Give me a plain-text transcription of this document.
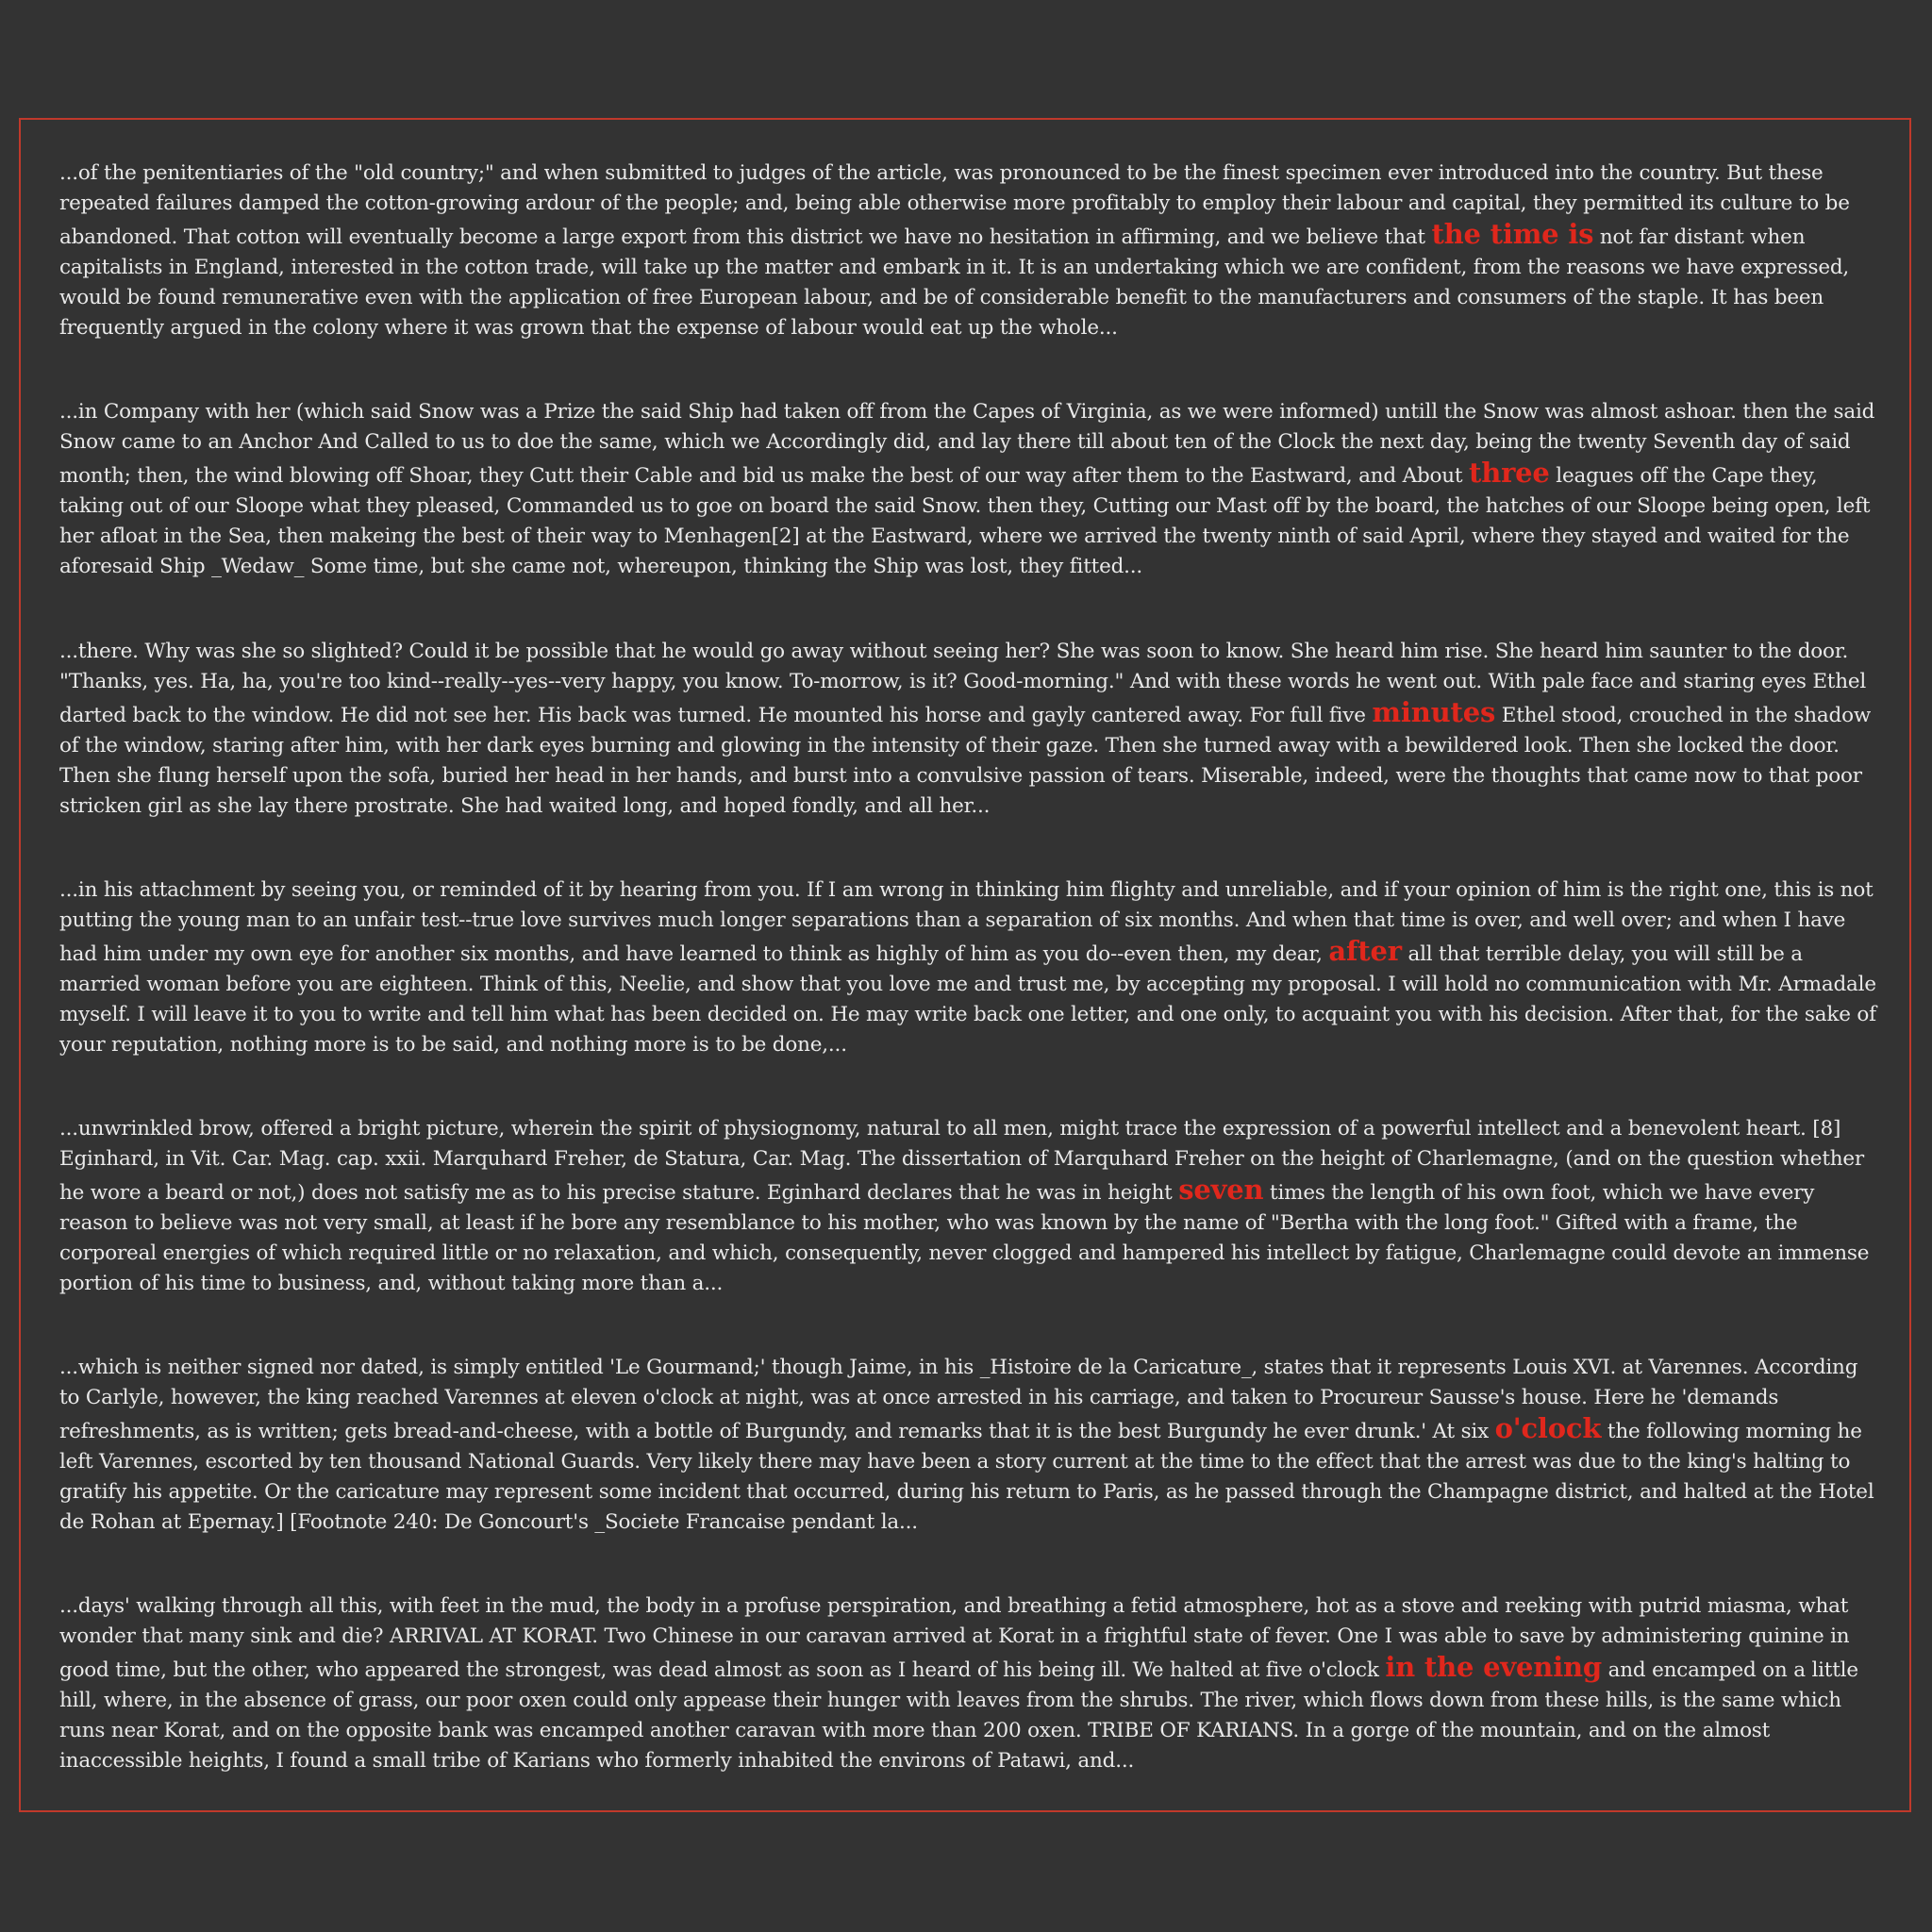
...of the penitentiaries of the "old country;" and when submitted to judges of the article, was pronounced to be the finest specimen ever introduced into the country. But these repeated failures damped the cotton-growing ardour of the people; and, being able otherwise more profitably to employ their labour and capital, they permitted its culture to be abandoned. That cotton will eventually become a large export from this district we have no hesitation in affirming, and we believe that the time is not far distant when capitalists in England, interested in the cotton trade, will take up the matter and embark in it. It is an undertaking which we are confident, from the reasons we have expressed, would be found remunerative even with the application of free European labour, and be of considerable benefit to the manufacturers and consumers of the staple. It has been frequently argued in the colony where it was grown that the expense of labour would eat up the whole...

...in Company with her (which said Snow was a Prize the said Ship had taken off from the Capes of Virginia, as we were informed) untill the Snow was almost ashoar. then the said Snow came to an Anchor And Called to us to doe the same, which we Accordingly did, and lay there till about ten of the Clock the next day, being the twenty Seventh day of said month; then, the wind blowing off Shoar, they Cutt their Cable and bid us make the best of our way after them to the Eastward, and About three leagues off the Cape they, taking out of our Sloope what they pleased, Commanded us to goe on board the said Snow. then they, Cutting our Mast off by the board, the hatches of our Sloope being open, left her afloat in the Sea, then makeing the best of their way to Menhagen[2] at the Eastward, where we arrived the twenty ninth of said April, where they stayed and waited for the aforesaid Ship _Wedaw_ Some time, but she came not, whereupon, thinking the Ship was lost, they fitted...

...there. Why was she so slighted? Could it be possible that he would go away without seeing her? She was soon to know. She heard him rise. She heard him saunter to the door. "Thanks, yes. Ha, ha, you're too kind--really--yes--very happy, you know. To-morrow, is it? Good-morning." And with these words he went out. With pale face and staring eyes Ethel darted back to the window. He did not see her. His back was turned. He mounted his horse and gayly cantered away. For full five minutes Ethel stood, crouched in the shadow of the window, staring after him, with her dark eyes burning and glowing in the intensity of their gaze. Then she turned away with a bewildered look. Then she locked the door. Then she flung herself upon the sofa, buried her head in her hands, and burst into a convulsive passion of tears. Miserable, indeed, were the thoughts that came now to that poor stricken girl as she lay there prostrate. She had waited long, and hoped fondly, and all her...

...in his attachment by seeing you, or reminded of it by hearing from you. If I am wrong in thinking him flighty and unreliable, and if your opinion of him is the right one, this is not putting the young man to an unfair test--true love survives much longer separations than a separation of six months. And when that time is over, and well over; and when I have had him under my own eye for another six months, and have learned to think as highly of him as you do--even then, my dear, after all that terrible delay, you will still be a married woman before you are eighteen. Think of this, Neelie, and show that you love me and trust me, by accepting my proposal. I will hold no communication with Mr. Armadale myself. I will leave it to you to write and tell him what has been decided on. He may write back one letter, and one only, to acquaint you with his decision. After that, for the sake of your reputation, nothing more is to be said, and nothing more is to be done,...

...unwrinkled brow, offered a bright picture, wherein the spirit of physiognomy, natural to all men, might trace the expression of a powerful intellect and a benevolent heart. [8] Eginhard, in Vit. Car. Mag. cap. xxii. Marquhard Freher, de Statura, Car. Mag. The dissertation of Marquhard Freher on the height of Charlemagne, (and on the question whether he wore a beard or not,) does not satisfy me as to his precise stature. Eginhard declares that he was in height seven times the length of his own foot, which we have every reason to believe was not very small, at least if he bore any resemblance to his mother, who was known by the name of "Bertha with the long foot." Gifted with a frame, the corporeal energies of which required little or no relaxation, and which, consequently, never clogged and hampered his intellect by fatigue, Charlemagne could devote an immense portion of his time to business, and, without taking more than a...

...which is neither signed nor dated, is simply entitled 'Le Gourmand;' though Jaime, in his _Histoire de la Caricature_, states that it represents Louis XVI. at Varennes. According to Carlyle, however, the king reached Varennes at eleven o'clock at night, was at once arrested in his carriage, and taken to Procureur Sausse's house. Here he 'demands refreshments, as is written; gets bread-and-cheese, with a bottle of Burgundy, and remarks that it is the best Burgundy he ever drunk.' At six o'clock the following morning he left Varennes, escorted by ten thousand National Guards. Very likely there may have been a story current at the time to the effect that the arrest was due to the king's halting to gratify his appetite. Or the caricature may represent some incident that occurred, during his return to Paris, as he passed through the Champagne district, and halted at the Hotel de Rohan at Epernay.] [Footnote 240: De Goncourt's _Societe Francaise pendant la...

...days' walking through all this, with feet in the mud, the body in a profuse perspiration, and breathing a fetid atmosphere, hot as a stove and reeking with putrid miasma, what wonder that many sink and die? ARRIVAL AT KORAT. Two Chinese in our caravan arrived at Korat in a frightful state of fever. One I was able to save by administering quinine in good time, but the other, who appeared the strongest, was dead almost as soon as I heard of his being ill. We halted at five o'clock in the evening and encamped on a little hill, where, in the absence of grass, our poor oxen could only appease their hunger with leaves from the shrubs. The river, which flows down from these hills, is the same which runs near Korat, and on the opposite bank was encamped another caravan with more than 200 oxen. TRIBE OF KARIANS. In a gorge of the mountain, and on the almost inaccessible heights, I found a small tribe of Karians who formerly inhabited the environs of Patawi, and...
